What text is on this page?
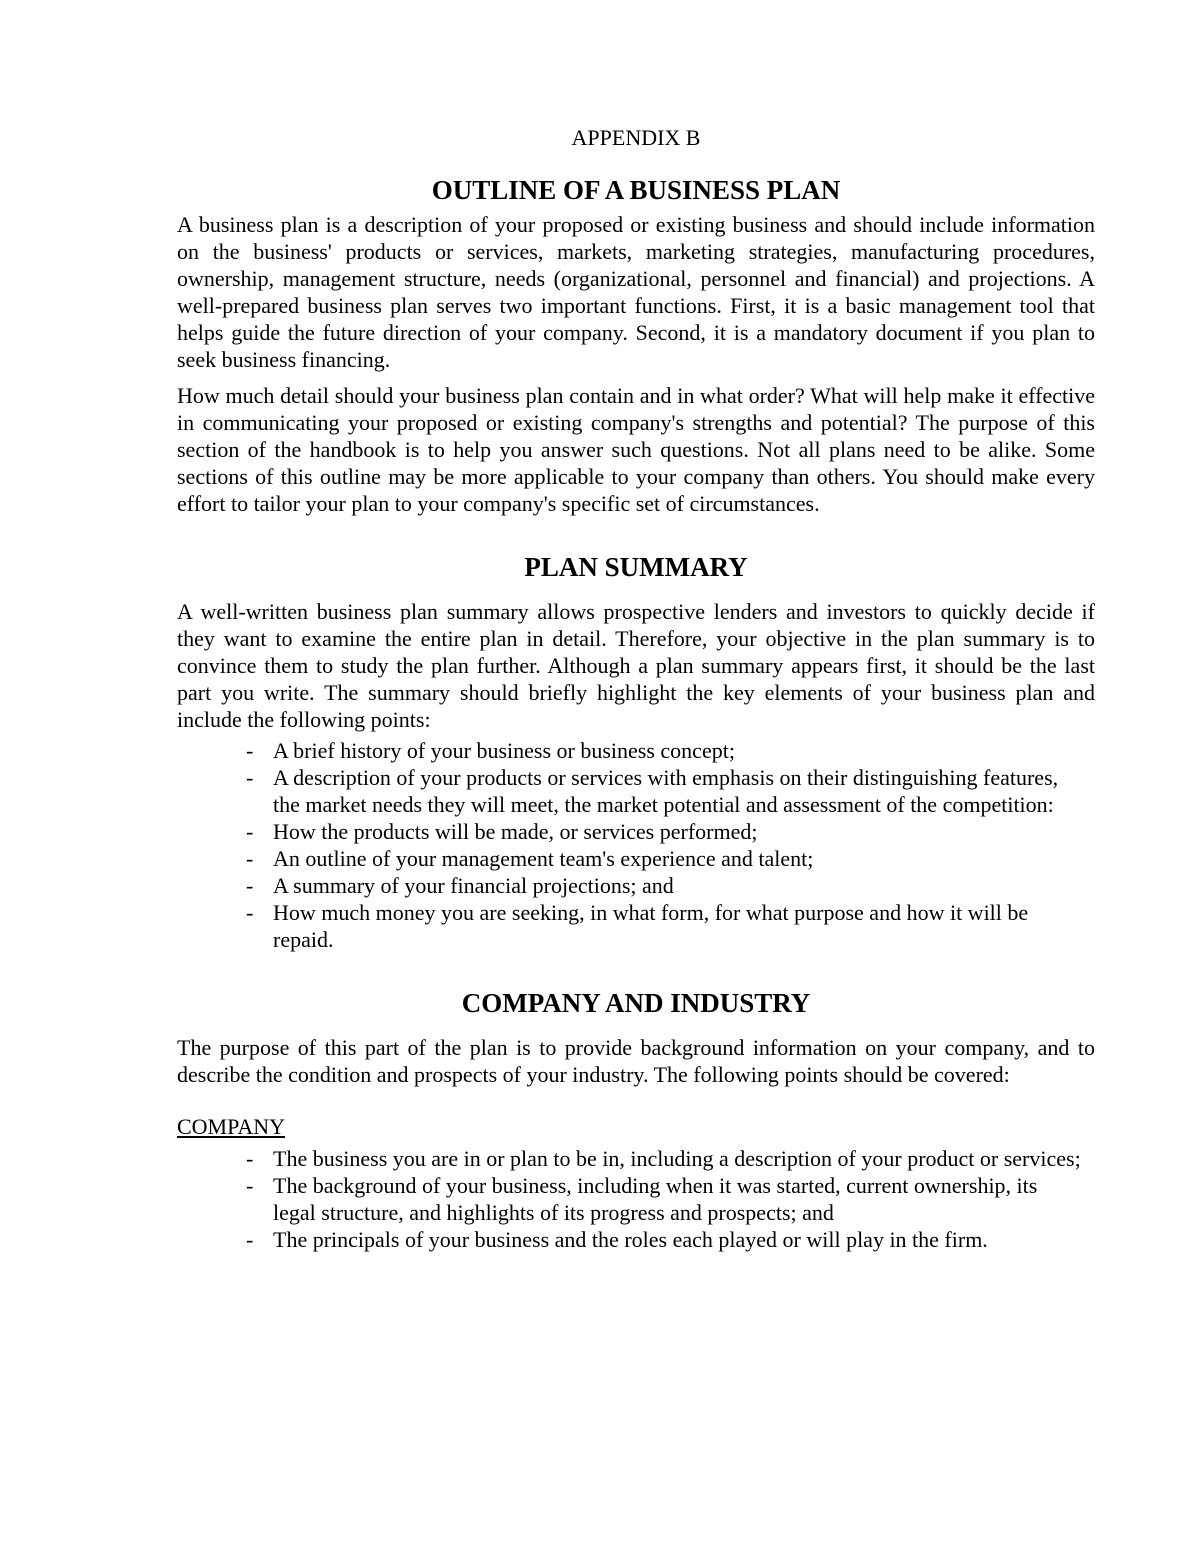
APPENDIX B
OUTLINE OF A BUSINESS PLAN

A business plan is a description of your proposed or existing business and should include information on the business' products or services, markets, marketing strategies, manufacturing procedures, ownership, management structure, needs (organizational, personnel and financial) and projections. A well-prepared business plan serves two important functions. First, it is a basic management tool that helps guide the future direction of your company. Second, it is a mandatory document if you plan to seek business financing.

How much detail should your business plan contain and in what order? What will help make it effective in communicating your proposed or existing company's strengths and potential? The purpose of this section of the handbook is to help you answer such questions. Not all plans need to be alike. Some sections of this outline may be more applicable to your company than others. You should make every effort to tailor your plan to your company's specific set of circumstances.

PLAN SUMMARY

A well-written business plan summary allows prospective lenders and investors to quickly decide if they want to examine the entire plan in detail. Therefore, your objective in the plan summary is to convince them to study the plan further. Although a plan summary appears first, it should be the last part you write. The summary should briefly highlight the key elements of your business plan and include the following points:

- A brief history of your business or business concept;
- A description of your products or services with emphasis on their distinguishing features, the market needs they will meet, the market potential and assessment of the competition:
- How the products will be made, or services performed;
- An outline of your management team's experience and talent;
- A summary of your financial projections; and
- How much money you are seeking, in what form, for what purpose and how it will be repaid.
COMPANY AND INDUSTRY

The purpose of this part of the plan is to provide background information on your company, and to describe the condition and prospects of your industry. The following points should be covered:

COMPANY
- The business you are in or plan to be in, including a description of your product or services;
- The background of your business, including when it was started, current ownership, its legal structure, and highlights of its progress and prospects; and
- The principals of your business and the roles each played or will play in the firm.
